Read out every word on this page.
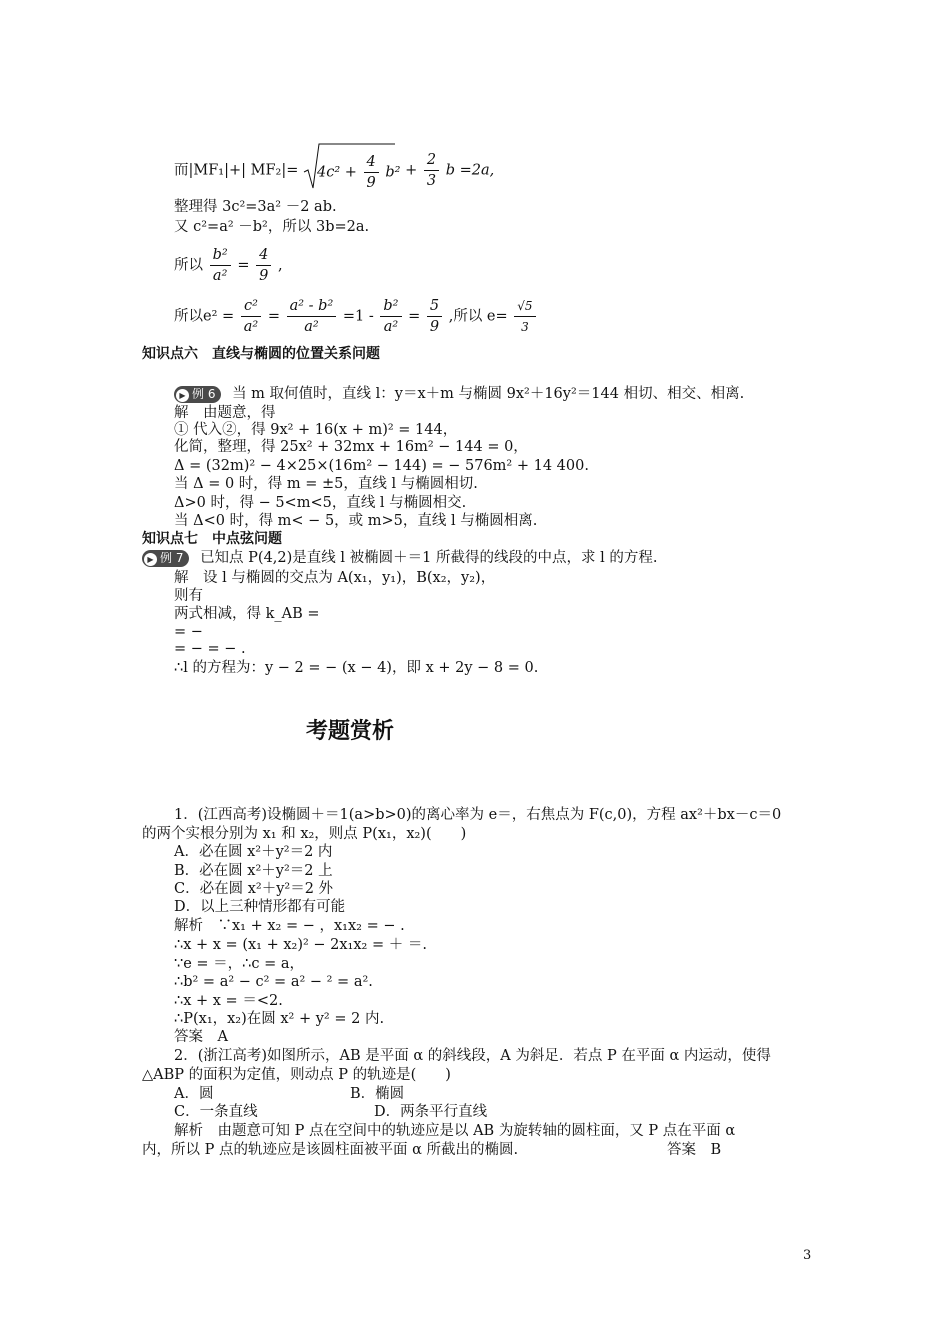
而|MF₁|+| $MF_2|= 4c^2 + \frac{4}{9} b^2 + \frac{2}{3}$ b =2a,
整理得 3c²=3a² －2 ab.
又 c²=a² －b²，所以 3b=2a.
所以 $\frac{\text{b²}}{\text{a²}} = \frac{4}{9}$ ,
所以$e^2 = \frac{\text{c²}}{\text{a²}} = \frac{\text{a² - b²}}{\text{a²}} =1 - \frac{\text{b²}}{\text{a²}} = \frac{5}{9}$ ,所以 $e= \frac{√5}{3}$
知识点六　直线与椭圆的位置关系问题
▶ 例 6 当 m 取何值时，直线 l：y＝x＋m 与椭圆 9x²＋16y²＝144 相切、相交、相离.
解　由题意，得
① 代入②，得 9x² + 16(x + m)² = 144，
化简，整理，得 25x² + 32mx + 16m² − 144 = 0，
Δ = (32m)² − 4×25×(16m² − 144) = − 576m² + 14 400.
当 Δ = 0 时，得 m = ±5，直线 l 与椭圆相切.
Δ>0 时，得 − 5<m<5，直线 l 与椭圆相交.
当 Δ<0 时，得 m< − 5，或 m>5，直线 l 与椭圆相离.
知识点七　中点弦问题
▶ 例 7 已知点 P(4,2)是直线 l 被椭圆＋＝1 所截得的线段的中点，求 l 的方程.
解　设 l 与椭圆的交点为 A(x₁，y₁)，B(x₂，y₂)，
则有
两式相减，得 k_AB =
= −
= − = − .
∴l 的方程为：y − 2 = − (x − 4)，即 x + 2y − 8 = 0.
考题赏析
1．(江西高考)设椭圆＋＝1(a>b>0)的离心率为 e＝，右焦点为 F(c,0)，方程 ax²＋bx－c＝0
的两个实根分别为 x₁ 和 x₂，则点 P(x₁，x₂)(　　)
A．必在圆 x²＋y²＝2 内
B．必在圆 x²＋y²＝2 上
C．必在圆 x²＋y²＝2 外
D．以上三种情形都有可能
解析　∵x₁ + x₂ = − ，x₁x₂ = − .
∴x + x = (x₁ + x₂)² − 2x₁x₂ = ＋ ＝.
∵e = ＝，∴c = a，
∴b² = a² − c² = a² − ² = a².
∴x + x = ＝<2.
∴P(x₁，x₂)在圆 x² + y² = 2 内.
答案　A
2．(浙江高考)如图所示，AB 是平面 α 的斜线段，A 为斜足．若点 P 在平面 α 内运动，使得
△ABP 的面积为定值，则动点 P 的轨迹是(　　)
A．圆	B．椭圆
C．一条直线	D．两条平行直线
解析　由题意可知 P 点在空间中的轨迹应是以 AB 为旋转轴的圆柱面，又 P 点在平面 α
内，所以 P 点的轨迹应是该圆柱面被平面 α 所截出的椭圆.	答案　B
3
